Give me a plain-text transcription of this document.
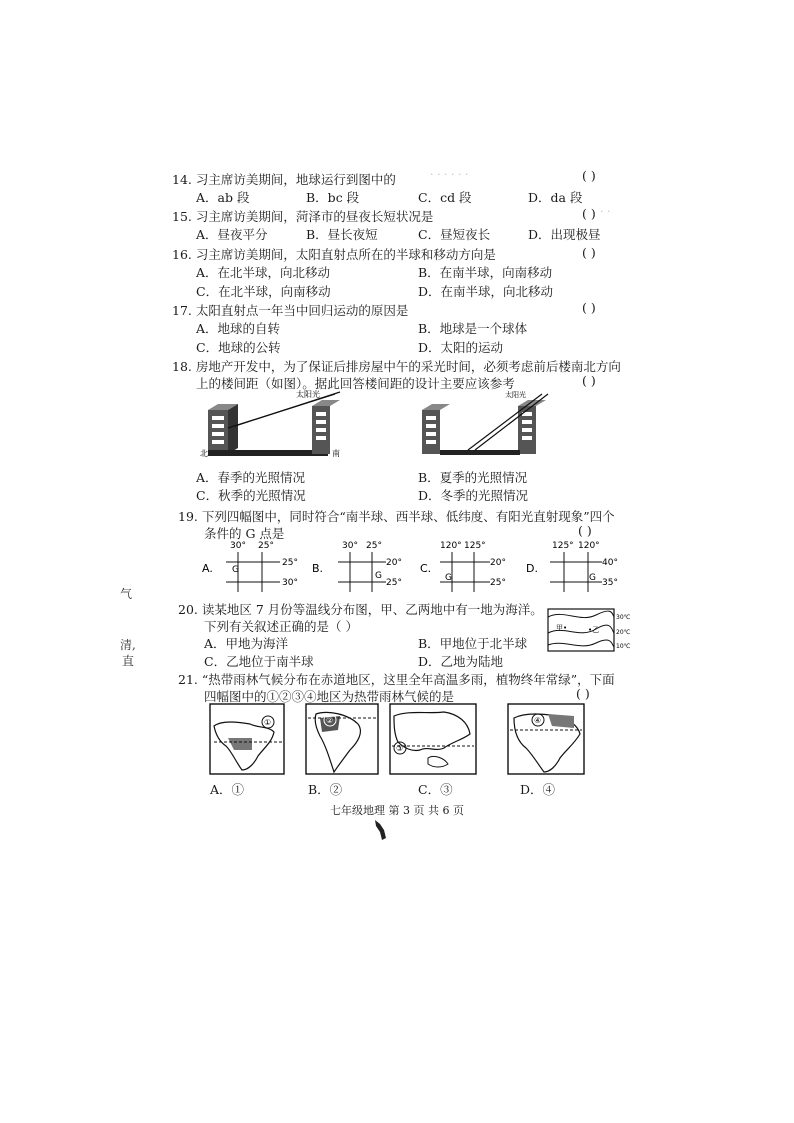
· · · · · ·
· ·
气
清,
直
14. 习主席访美期间，地球运行到图中的	( )
A．ab 段	B．bc 段	C．cd 段	D．da 段
15. 习主席访美期间，菏泽市的昼夜长短状况是	( )
A．昼夜平分	B．昼长夜短	C．昼短夜长	D．出现极昼
16. 习主席访美期间，太阳直射点所在的半球和移动方向是	( )
A．在北半球，向北移动	B．在南半球，向南移动
C．在北半球，向南移动	D．在南半球，向北移动
17. 太阳直射点一年当中回归运动的原因是	( )
A．地球的自转	B．地球是一个球体
C．地球的公转	D．太阳的运动
18. 房地产开发中，为了保证后排房屋中午的采光时间，必须考虑前后楼南北方向
上的楼间距（如图）。据此回答楼间距的设计主要应该参考	( )
太阳光
北	南
太阳光
A．春季的光照情况	B．夏季的光照情况
C．秋季的光照情况	D．冬季的光照情况
19. 下列四幅图中，同时符合“南半球、西半球、低纬度、有阳光直射现象”四个
条件的 G 点是	( )
A.
30° 25°
25°
30°
G	B.
30° 25°
20°
25°
G
C.
120° 125°
20°
25°
G
D.
125° 120°
40°
35°
G
20. 读某地区 7 月份等温线分布图，甲、乙两地中有一地为海洋。
下列有关叙述正确的是（ ）	甲•	•乙
30℃
20℃
10℃
A．甲地为海洋	B．甲地位于北半球
C．乙地位于南半球	D．乙地为陆地
21. “热带雨林气候分布在赤道地区，这里全年高温多雨，植物终年常绿”，下面
四幅图中的①②③④地区为热带雨林气候的是	( )
①	②
③
④
A．①	B．②	C．③	D．④
七年级地理 第 3 页 共 6 页
